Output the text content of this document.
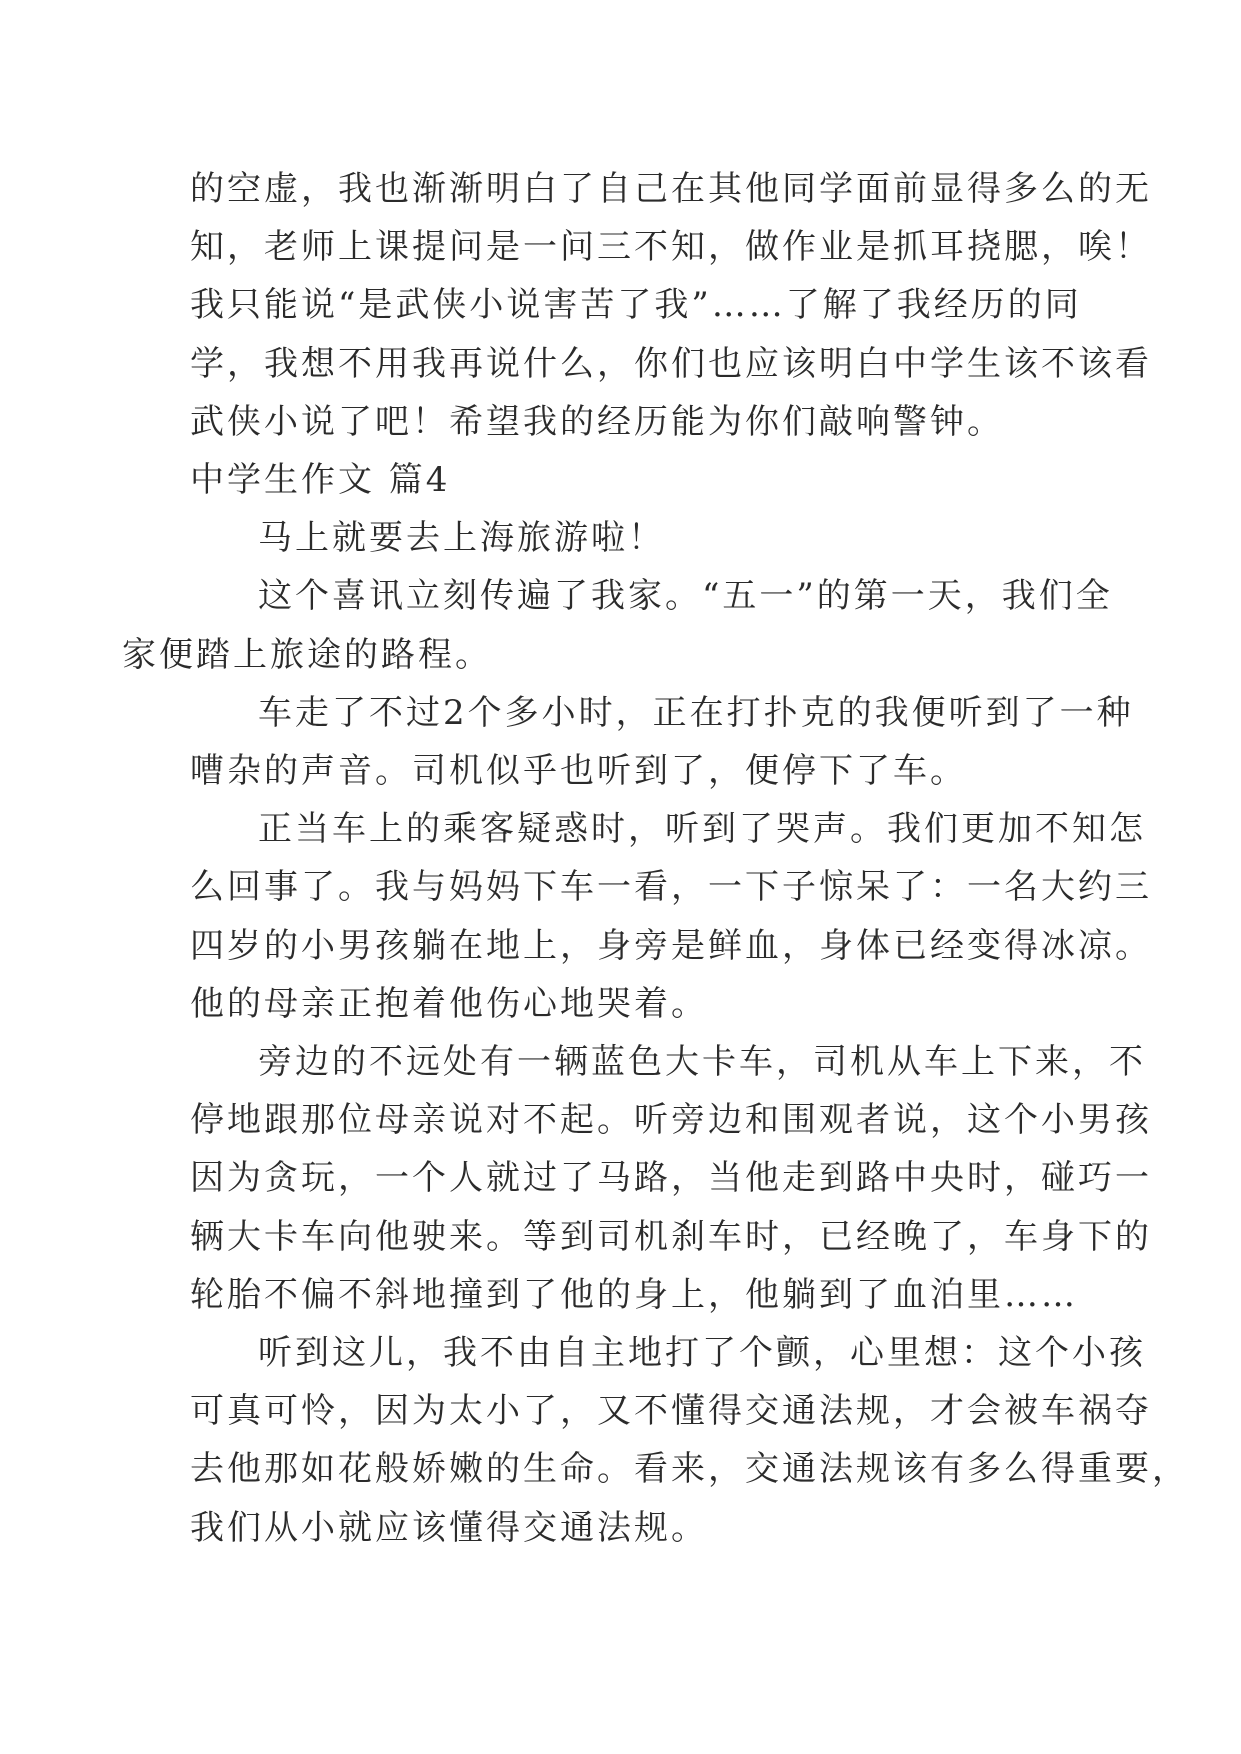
的空虚，我也渐渐明白了自己在其他同学面前显得多么的无
知，老师上课提问是一问三不知，做作业是抓耳挠腮，唉！
我只能说“是武侠小说害苦了我”……了解了我经历的同
学，我想不用我再说什么，你们也应该明白中学生该不该看
武侠小说了吧！希望我的经历能为你们敲响警钟。

中学生作文 篇4

马上就要去上海旅游啦！

这个喜讯立刻传遍了我家。“五一”的第一天，我们全
家便踏上旅途的路程。

车走了不过2个多小时，正在打扑克的我便听到了一种
嘈杂的声音。司机似乎也听到了，便停下了车。

正当车上的乘客疑惑时，听到了哭声。我们更加不知怎
么回事了。我与妈妈下车一看，一下子惊呆了：一名大约三
四岁的小男孩躺在地上，身旁是鲜血，身体已经变得冰凉。
他的母亲正抱着他伤心地哭着。

旁边的不远处有一辆蓝色大卡车，司机从车上下来，不
停地跟那位母亲说对不起。听旁边和围观者说，这个小男孩
因为贪玩，一个人就过了马路，当他走到路中央时，碰巧一
辆大卡车向他驶来。等到司机刹车时，已经晚了，车身下的
轮胎不偏不斜地撞到了他的身上，他躺到了血泊里……

听到这儿，我不由自主地打了个颤，心里想：这个小孩
可真可怜，因为太小了，又不懂得交通法规，才会被车祸夺
去他那如花般娇嫩的生命。看来，交通法规该有多么得重要，
我们从小就应该懂得交通法规。
